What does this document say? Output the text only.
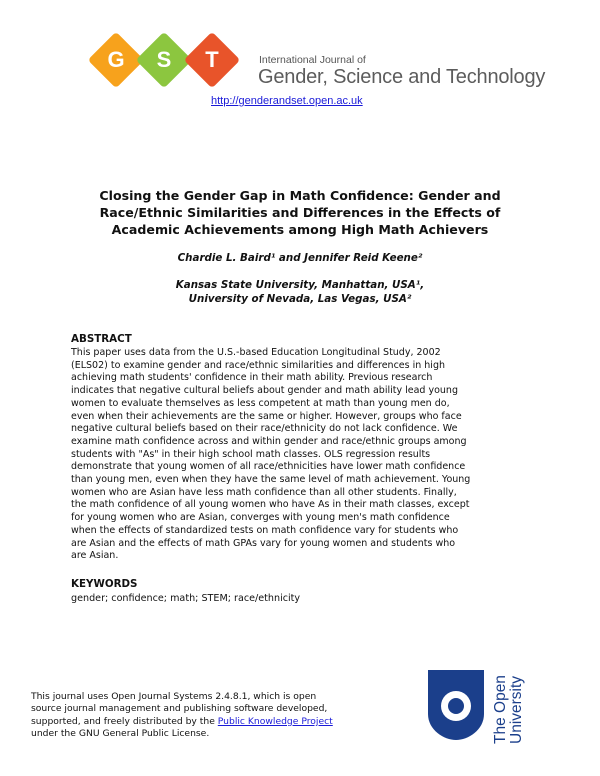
G	S	T	International Journal of
Gender, Science and Technology
http://genderandset.open.ac.uk
Closing the Gender Gap in Math Confidence: Gender and
Race/Ethnic Similarities and Differences in the Effects of
Academic Achievements among High Math Achievers
Chardie L. Baird¹ and Jennifer Reid Keene²
Kansas State University, Manhattan, USA¹,
University of Nevada, Las Vegas, USA²
ABSTRACT
This paper uses data from the U.S.-based Education Longitudinal Study, 2002
(ELS02) to examine gender and race/ethnic similarities and differences in high
achieving math students' confidence in their math ability. Previous research
indicates that negative cultural beliefs about gender and math ability lead young
women to evaluate themselves as less competent at math than young men do,
even when their achievements are the same or higher. However, groups who face
negative cultural beliefs based on their race/ethnicity do not lack confidence. We
examine math confidence across and within gender and race/ethnic groups among
students with "As" in their high school math classes. OLS regression results
demonstrate that young women of all race/ethnicities have lower math confidence
than young men, even when they have the same level of math achievement. Young
women who are Asian have less math confidence than all other students. Finally,
the math confidence of all young women who have As in their math classes, except
for young women who are Asian, converges with young men's math confidence
when the effects of standardized tests on math confidence vary for students who
are Asian and the effects of math GPAs vary for young women and students who
are Asian.
KEYWORDS
gender; confidence; math; STEM; race/ethnicity
This journal uses Open Journal Systems 2.4.8.1, which is open
source journal management and publishing software developed,
supported, and freely distributed by the Public Knowledge Project
under the GNU General Public License.	The Open University
